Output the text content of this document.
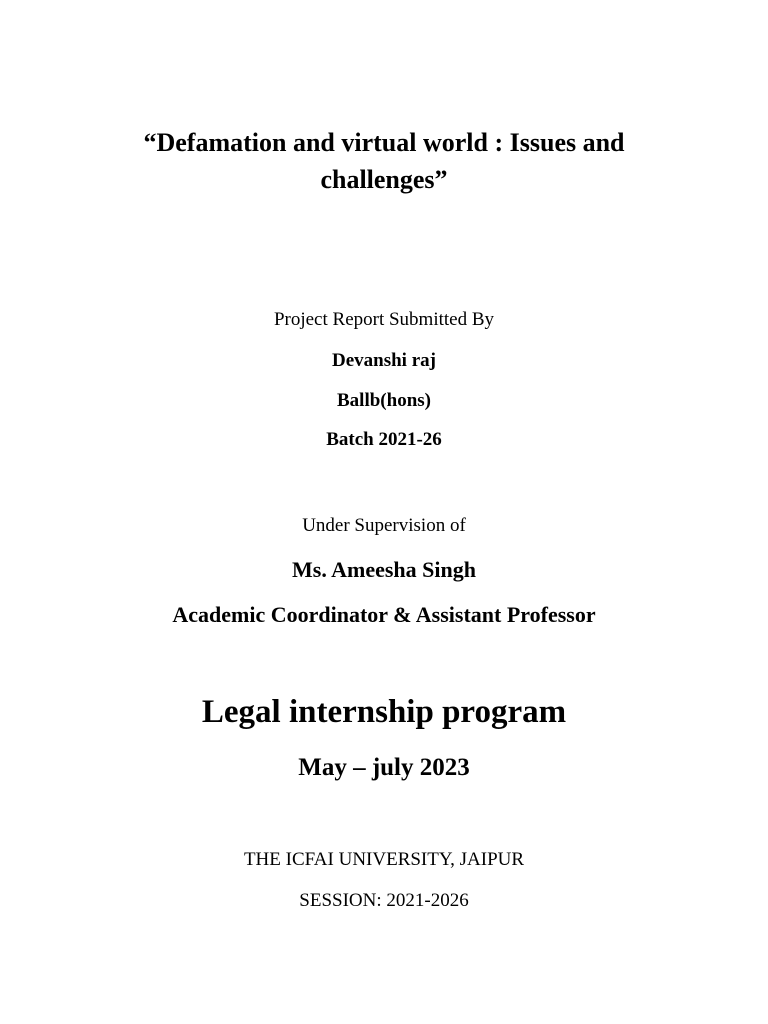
“Defamation and virtual world : Issues and challenges”

Project Report Submitted By

Devanshi raj

Ballb(hons)

Batch 2021-26

Under Supervision of

Ms. Ameesha Singh

Academic Coordinator & Assistant Professor

Legal internship program

May – july 2023

THE ICFAI UNIVERSITY, JAIPUR

SESSION: 2021-2026
